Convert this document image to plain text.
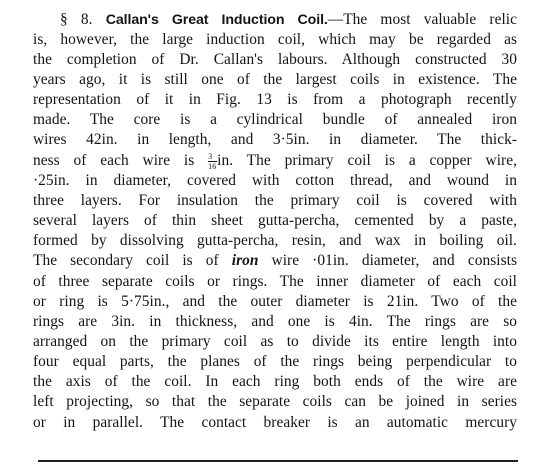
§ 8. Callan's Great Induction Coil.—The most valuable relic
is, however, the large induction coil, which may be regarded as
the completion of Dr. Callan's labours. Although constructed 30
years ago, it is still one of the largest coils in existence. The
representation of it in Fig. 13 is from a photograph recently
made. The core is a cylindrical bundle of annealed iron
wires 42in. in length, and 3·5in. in diameter. The thick-
ness of each wire is $\frac{3}{16}$ in. The primary coil is a copper wire,
·25in. in diameter, covered with cotton thread, and wound in
three layers. For insulation the primary coil is covered with
several layers of thin sheet gutta-percha, cemented by a paste,
formed by dissolving gutta-percha, resin, and wax in boiling oil.
The secondary coil is of iron wire ·01in. diameter, and consists
of three separate coils or rings. The inner diameter of each coil
or ring is 5·75in., and the outer diameter is 21in. Two of the
rings are 3in. in thickness, and one is 4in. The rings are so
arranged on the primary coil as to divide its entire length into
four equal parts, the planes of the rings being perpendicular to
the axis of the coil. In each ring both ends of the wire are
left projecting, so that the separate coils can be joined in series
or in parallel. The contact breaker is an automatic mercury
